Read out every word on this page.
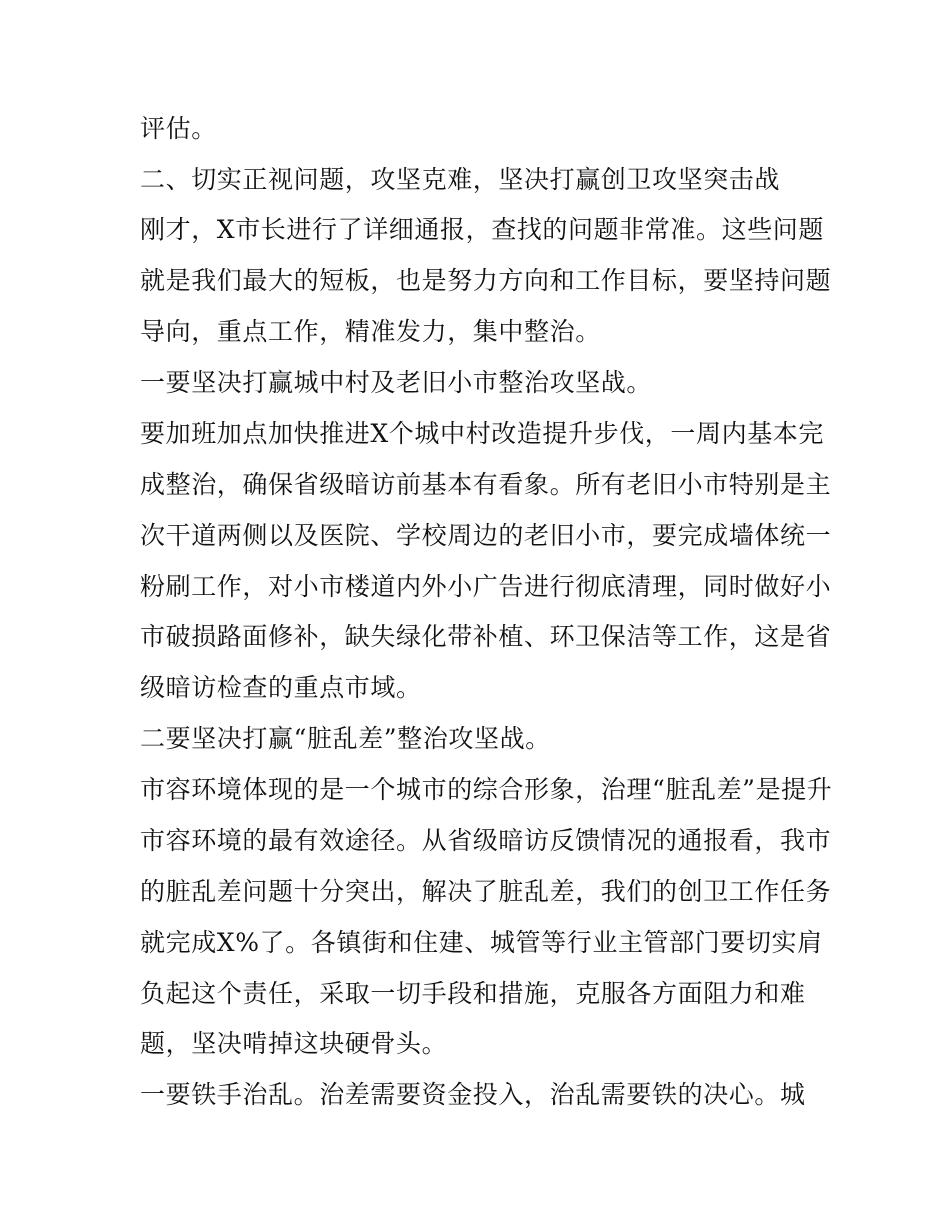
评估。
二、切实正视问题，攻坚克难，坚决打赢创卫攻坚突击战
刚才，X市长进行了详细通报，查找的问题非常准。这些问题
就是我们最大的短板，也是努力方向和工作目标，要坚持问题
导向，重点工作，精准发力，集中整治。
一要坚决打赢城中村及老旧小市整治攻坚战。
要加班加点加快推进X个城中村改造提升步伐，一周内基本完
成整治，确保省级暗访前基本有看象。所有老旧小市特别是主
次干道两侧以及医院、学校周边的老旧小市，要完成墙体统一
粉刷工作，对小市楼道内外小广告进行彻底清理，同时做好小
市破损路面修补，缺失绿化带补植、环卫保洁等工作，这是省
级暗访检查的重点市域。
二要坚决打赢“脏乱差”整治攻坚战。
市容环境体现的是一个城市的综合形象，治理“脏乱差”是提升
市容环境的最有效途径。从省级暗访反馈情况的通报看，我市
的脏乱差问题十分突出，解决了脏乱差，我们的创卫工作任务
就完成X%了。各镇街和住建、城管等行业主管部门要切实肩
负起这个责任，采取一切手段和措施，克服各方面阻力和难
题，坚决啃掉这块硬骨头。
一要铁手治乱。治差需要资金投入，治乱需要铁的决心。城
